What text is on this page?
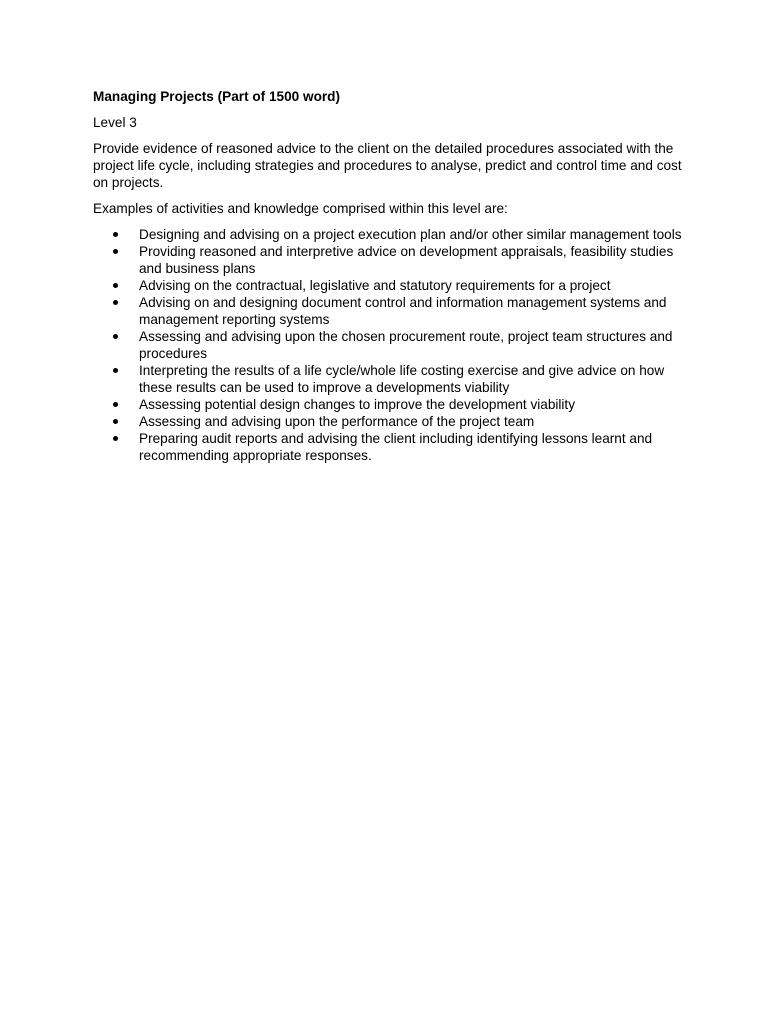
Managing Projects (Part of 1500 word)

Level 3

Provide evidence of reasoned advice to the client on the detailed procedures associated with the project life cycle, including strategies and procedures to analyse, predict and control time and cost on projects.

Examples of activities and knowledge comprised within this level are:

Designing and advising on a project execution plan and/or other similar management tools
Providing reasoned and interpretive advice on development appraisals, feasibility studies and business plans
Advising on the contractual, legislative and statutory requirements for a project
Advising on and designing document control and information management systems and management reporting systems
Assessing and advising upon the chosen procurement route, project team structures and procedures
Interpreting the results of a life cycle/whole life costing exercise and give advice on how these results can be used to improve a developments viability
Assessing potential design changes to improve the development viability
Assessing and advising upon the performance of the project team
Preparing audit reports and advising the client including identifying lessons learnt and recommending appropriate responses.
